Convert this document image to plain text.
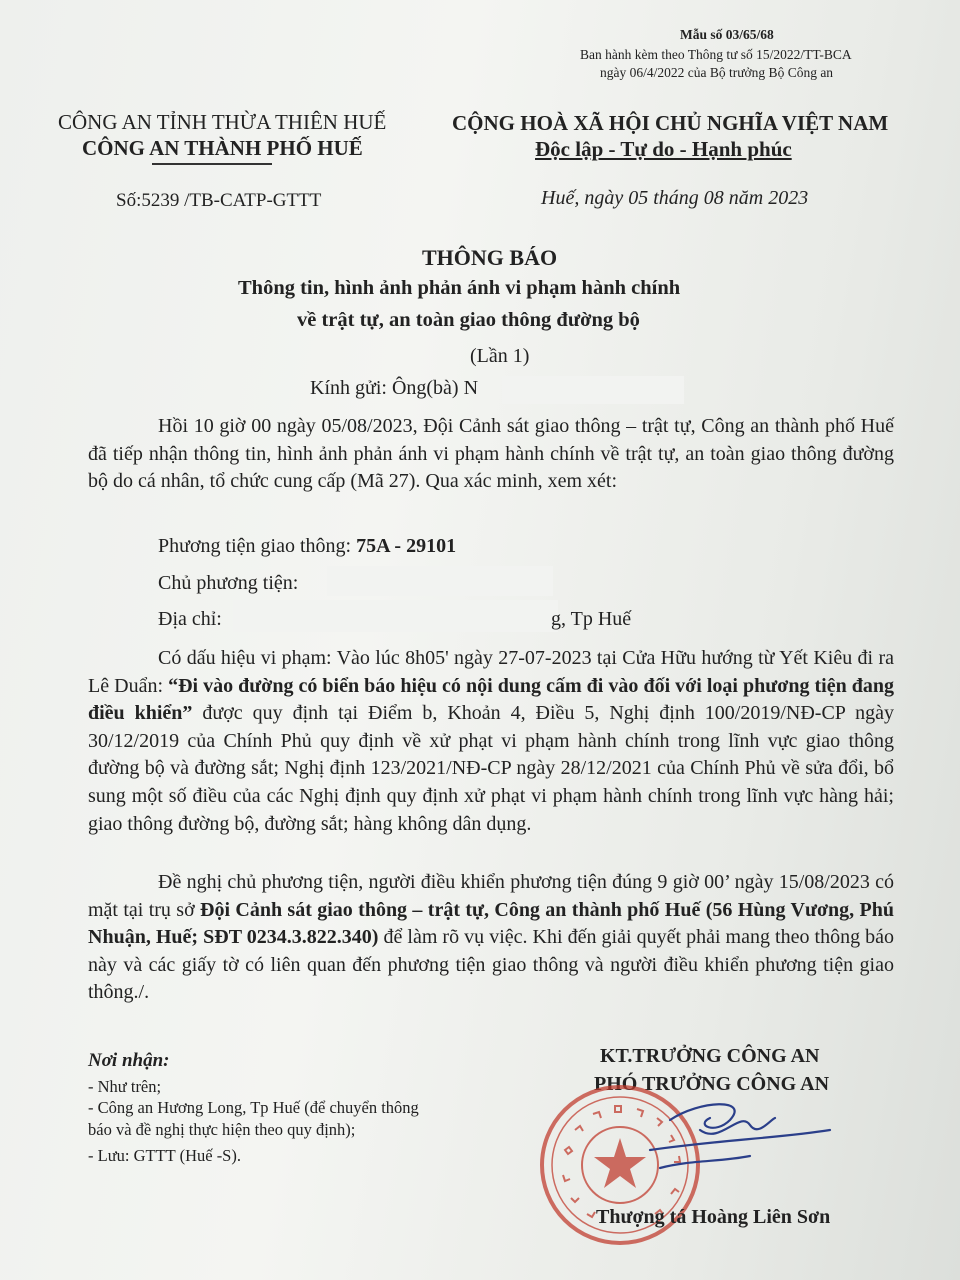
Mẫu số 03/65/68
Ban hành kèm theo Thông tư số 15/2022/TT-BCA
ngày 06/4/2022 của Bộ trưởng Bộ Công an
CÔNG AN TỈNH THỪA THIÊN HUẾ
CÔNG AN THÀNH PHỐ HUẾ
Số:5239 /TB-CATP-GTTT
CỘNG HOÀ XÃ HỘI CHỦ NGHĨA VIỆT NAM
Độc lập - Tự do - Hạnh phúc
Huế, ngày 05 tháng 08 năm 2023
THÔNG BÁO
Thông tin, hình ảnh phản ánh vi phạm hành chính
về trật tự, an toàn giao thông đường bộ
(Lần 1)
Kính gửi: Ông(bà) N
Hồi 10 giờ 00 ngày 05/08/2023, Đội Cảnh sát giao thông – trật tự, Công an thành phố Huế đã tiếp nhận thông tin, hình ảnh phản ánh vi phạm hành chính về trật tự, an toàn giao thông đường bộ do cá nhân, tổ chức cung cấp (Mã 27). Qua xác minh, xem xét:
Phương tiện giao thông: 75A - 29101
Chủ phương tiện:
Địa chỉ:	g, Tp Huế
Có dấu hiệu vi phạm: Vào lúc 8h05' ngày 27-07-2023 tại Cửa Hữu hướng từ Yết Kiêu đi ra Lê Duẩn: “Đi vào đường có biển báo hiệu có nội dung cấm đi vào đối với loại phương tiện đang điều khiển” được quy định tại Điểm b, Khoản 4, Điều 5, Nghị định 100/2019/NĐ-CP ngày 30/12/2019 của Chính Phủ quy định về xử phạt vi phạm hành chính trong lĩnh vực giao thông đường bộ và đường sắt; Nghị định 123/2021/NĐ-CP ngày 28/12/2021 của Chính Phủ về sửa đổi, bổ sung một số điều của các Nghị định quy định xử phạt vi phạm hành chính trong lĩnh vực hàng hải; giao thông đường bộ, đường sắt; hàng không dân dụng.
Đề nghị chủ phương tiện, người điều khiển phương tiện đúng 9 giờ 00’ ngày 15/08/2023 có mặt tại trụ sở Đội Cảnh sát giao thông – trật tự, Công an thành phố Huế (56 Hùng Vương, Phú Nhuận, Huế; SĐT 0234.3.822.340) để làm rõ vụ việc. Khi đến giải quyết phải mang theo thông báo này và các giấy tờ có liên quan đến phương tiện giao thông và người điều khiển phương tiện giao thông./.
Nơi nhận:
- Như trên;
- Công an Hương Long, Tp Huế (để chuyển thông
báo và đề nghị thực hiện theo quy định);
- Lưu: GTTT (Huế -S).
KT.TRƯỞNG CÔNG AN
PHÓ TRƯỞNG CÔNG AN
Thượng tá Hoàng Liên Sơn
